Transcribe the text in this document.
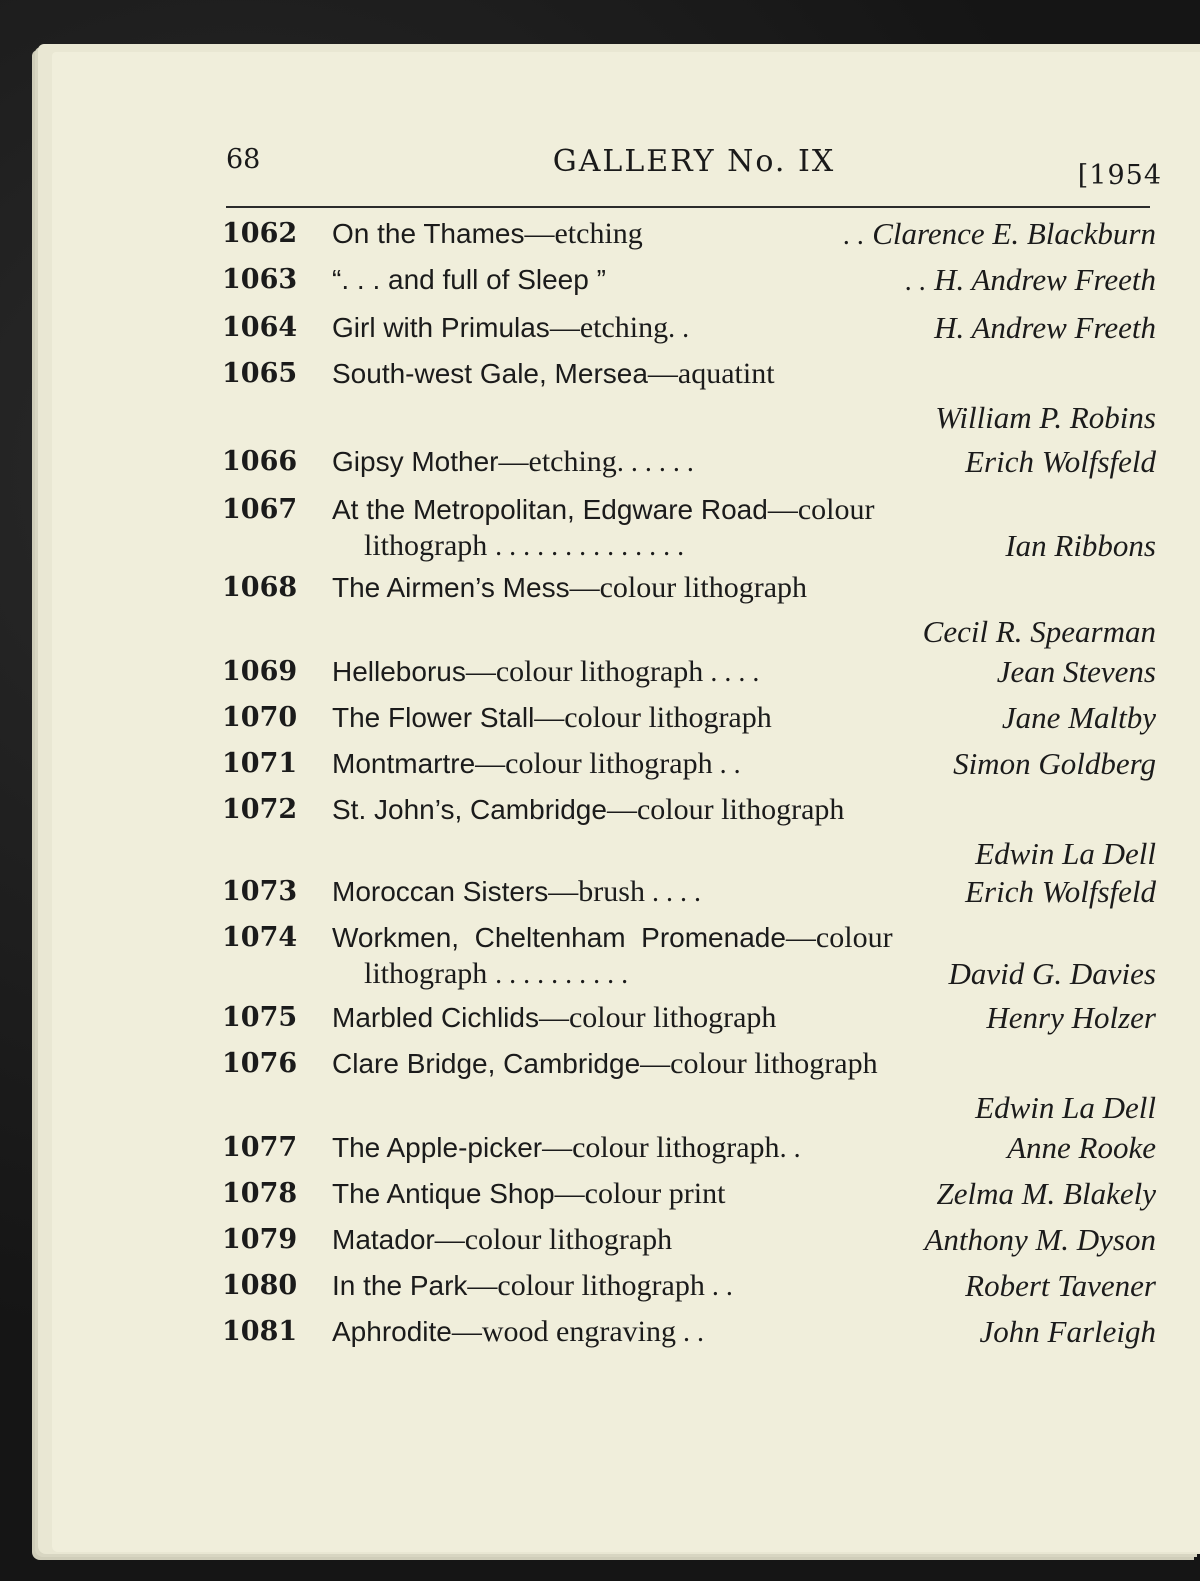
68	GALLERY No. IX	[1954
1062 On the Thames—etching	. . Clarence E. Blackburn
1063 “. . . and full of Sleep ”	. . H. Andrew Freeth
1064 Girl with Primulas—etching. .	H. Andrew Freeth
1065 South-west Gale, Mersea—aquatint
William P. Robins
1066 Gipsy Mother—etching. . . . . .	Erich Wolfsfeld
1067 At the Metropolitan, Edgware Road—colour
lithograph . . . . . . . . . . . . . .	Ian Ribbons
1068 The Airmen’s Mess—colour lithograph
Cecil R. Spearman
1069 Helleborus—colour lithograph . . . .	Jean Stevens
1070 The Flower Stall—colour lithograph	Jane Maltby
1071 Montmartre—colour lithograph . .	Simon Goldberg
1072 St. John’s, Cambridge—colour lithograph
Edwin La Dell
1073 Moroccan Sisters—brush . . . .	Erich Wolfsfeld
1074 Workmen,  Cheltenham  Promenade—colour
lithograph . . . . . . . . . .	David G. Davies
1075 Marbled Cichlids—colour lithograph	Henry Holzer
1076 Clare Bridge, Cambridge—colour lithograph
Edwin La Dell
1077 The Apple-picker—colour lithograph. .	Anne Rooke
1078 The Antique Shop—colour print	Zelma M. Blakely
1079 Matador—colour lithograph	Anthony M. Dyson
1080 In the Park—colour lithograph . .	Robert Tavener
1081 Aphrodite—wood engraving . .	John Farleigh
